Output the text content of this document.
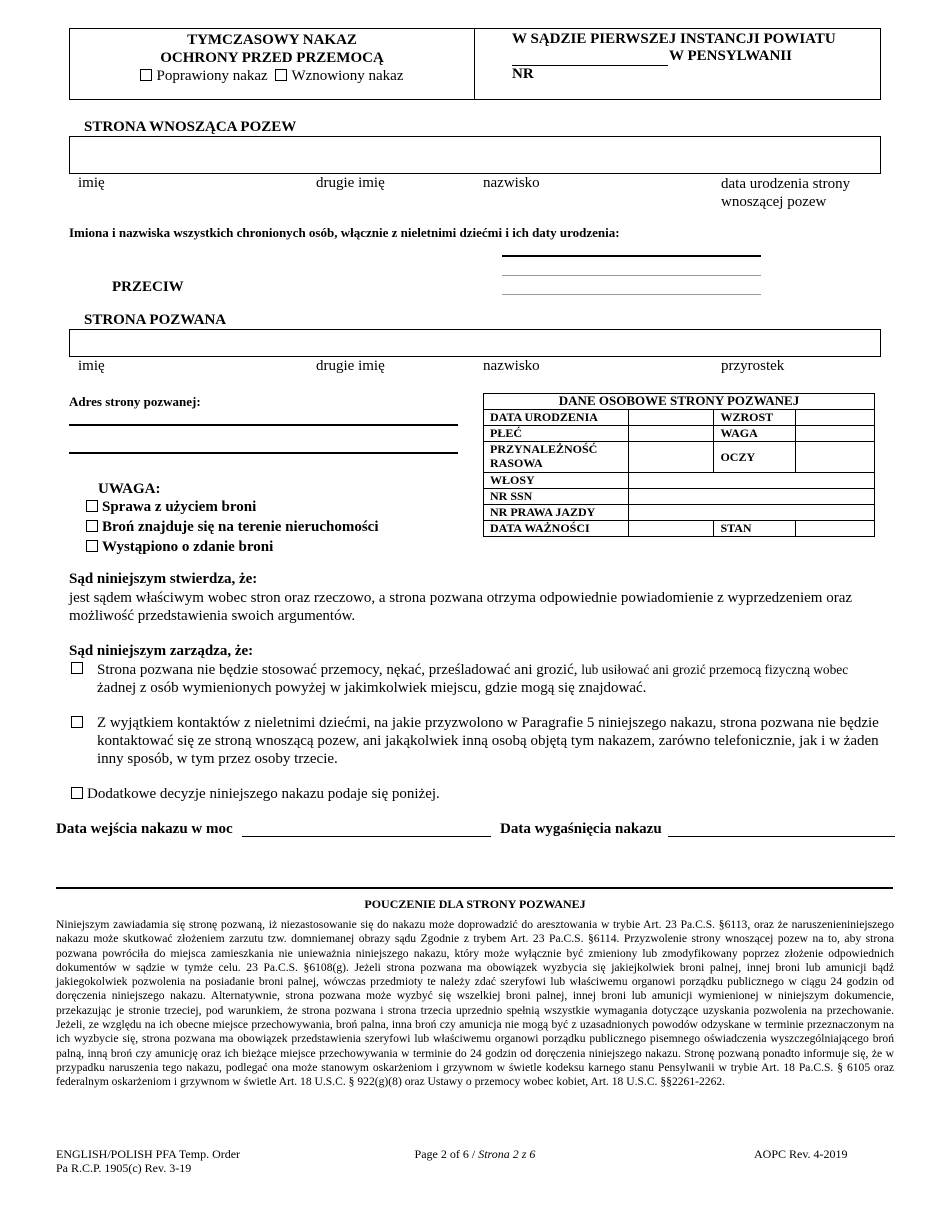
TYMCZASOWY NAKAZ
OCHRONY PRZED PRZEMOCĄ
Poprawiony nakaz Wznowiony nakaz
W SĄDZIE PIERWSZEJ INSTANCJI POWIATU
W PENSYLWANII
NR
STRONA WNOSZĄCA POZEW
imię	drugie imię	nazwisko	data urodzenia strony
wnoszącej pozew
Imiona i nazwiska wszystkich chronionych osób, włącznie z nieletnimi dziećmi i ich daty urodzenia:
PRZECIW
STRONA POZWANA
imię	drugie imię	nazwisko	przyrostek
Adres strony pozwanej:	DANE OSOBOWE STRONY POZWANEJ			
DATA URODZENIA		WZROST	
PŁEĆ		WAGA	

PRZYNALEŻNOŚĆ
RASOWA		OCZY	
WŁOSY			
NR SSN			
NR PRAWA JAZDY			
DATA WAŻNOŚCI		STAN	
UWAGA:
Sprawa z użyciem broni
Broń znajduje się na terenie nieruchomości
Wystąpiono o zdanie broni
Sąd niniejszym stwierdza, że:
jest sądem właściwym wobec stron oraz rzeczowo, a strona pozwana otrzyma odpowiednie powiadomienie z wyprzedzeniem oraz możliwość przedstawienia swoich argumentów.
Sąd niniejszym zarządza, że:
Strona pozwana nie będzie stosować przemocy, nękać, prześladować ani grozić, lub usiłować ani grozić przemocą fizyczną wobec
żadnej z osób wymienionych powyżej w jakimkolwiek miejscu, gdzie mogą się znajdować.
Z wyjątkiem kontaktów z nieletnimi dziećmi, na jakie przyzwolono w Paragrafie 5 niniejszego nakazu, strona pozwana nie będzie kontaktować się ze stroną wnoszącą pozew, ani jakąkolwiek inną osobą objętą tym nakazem, zarówno telefonicznie, jak i w żaden inny sposób, w tym przez osoby trzecie.
Dodatkowe decyzje niniejszego nakazu podaje się poniżej.
Data wejścia nakazu w moc	Data wygaśnięcia nakazu
POUCZENIE DLA STRONY POZWANEJ
Niniejszym zawiadamia się stronę pozwaną, iż niezastosowanie się do nakazu może doprowadzić do aresztowania w trybie Art. 23 Pa.C.S. §6113, oraz że naruszenieniniejszego nakazu może skutkować złożeniem zarzutu tzw. domniemanej obrazy sądu Zgodnie z trybem Art. 23 Pa.C.S. §6114. Przyzwolenie strony wnoszącej pozew na to, aby strona pozwana powróciła do miejsca zamieszkania nie unieważnia niniejszego nakazu, który może wyłącznie być zmieniony lub zmodyfikowany poprzez złożenie odpowiednich dokumentów w sądzie w tymże celu. 23 Pa.C.S. §6108(g). Jeżeli strona pozwana ma obowiązek wyzbycia się jakiejkolwiek broni palnej, innej broni lub amunicji bądź jakiegokolwiek pozwolenia na posiadanie broni palnej, wówczas przedmioty te należy zdać szeryfowi lub właściwemu organowi porządku publicznego w ciągu 24 godzin od doręczenia niniejszego nakazu. Alternatywnie, strona pozwana może wyzbyć się wszelkiej broni palnej, innej broni lub amunicji wymienionej w niniejszym dokumencie, przekazując je stronie trzeciej, pod warunkiem, że strona pozwana i strona trzecia uprzednio spełnią wszystkie wymagania dotyczące uzyskania pozwolenia na przechowanie. Jeżeli, ze względu na ich obecne miejsce przechowywania, broń palna, inna broń czy amunicja nie mogą być z uzasadnionych powodów odzyskane w terminie przeznaczonym na ich wyzbycie się, strona pozwana ma obowiązek przedstawienia szeryfowi lub właściwemu organowi porządku publicznego pisemnego oświadczenia wyszczególniającego broń palną, inną broń czy amunicję oraz ich bieżące miejsce przechowywania w terminie do 24 godzin od doręczenia niniejszego nakazu. Stronę pozwaną ponadto informuje się, że w przypadku naruszenia tego nakazu, podlegać ona może stanowym oskarżeniom i grzywnom w świetle kodeksu karnego stanu Pensylwanii w trybie Art. 18 Pa.C.S. § 6105 oraz federalnym oskarżeniom i grzywnom w świetle Art. 18 U.S.C. § 922(g)(8) oraz Ustawy o przemocy wobec kobiet, Art. 18 U.S.C. §§2261-2262.
ENGLISH/POLISH PFA Temp. Order
Pa R.C.P. 1905(c) Rev. 3-19
Page 2 of 6 / Strona 2 z 6	AOPC Rev. 4-2019
